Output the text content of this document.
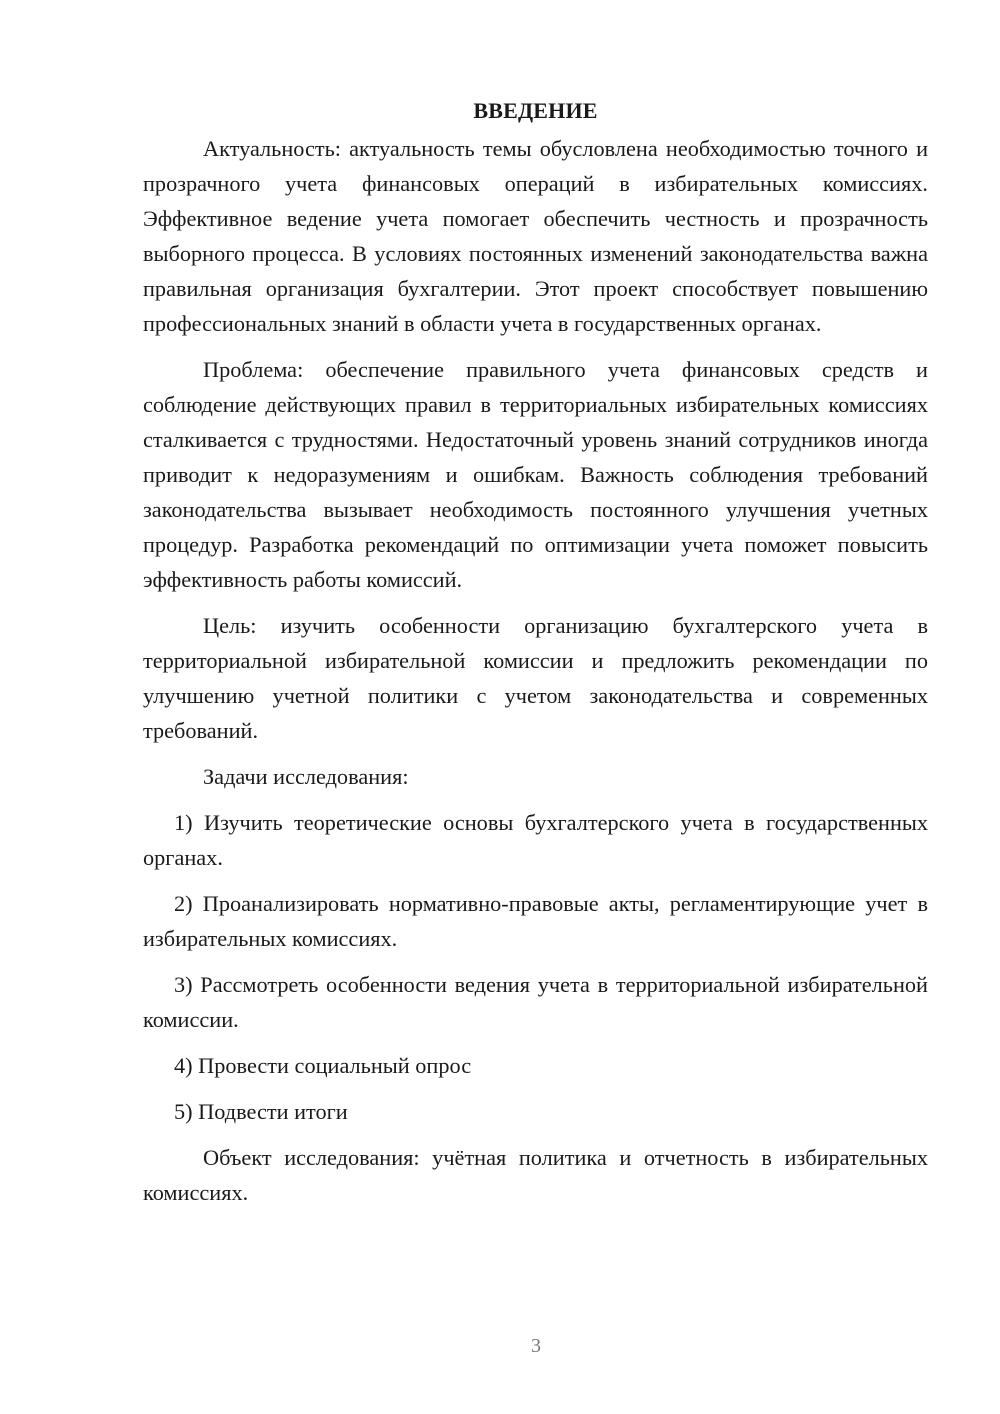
ВВЕДЕНИЕ

Актуальность: актуальность темы обусловлена необходимостью точного и прозрачного учета финансовых операций в избирательных комиссиях. Эффективное ведение учета помогает обеспечить честность и прозрачность выборного процесса. В условиях постоянных изменений законодательства важна правильная организация бухгалтерии. Этот проект способствует повышению профессиональных знаний в области учета в государственных органах.

Проблема: обеспечение правильного учета финансовых средств и соблюдение действующих правил в территориальных избирательных комиссиях сталкивается с трудностями. Недостаточный уровень знаний сотрудников иногда приводит к недоразумениям и ошибкам. Важность соблюдения требований законодательства вызывает необходимость постоянного улучшения учетных процедур. Разработка рекомендаций по оптимизации учета поможет повысить эффективность работы комиссий.

Цель: изучить особенности организацию бухгалтерского учета в территориальной избирательной комиссии и предложить рекомендации по улучшению учетной политики с учетом законодательства и современных требований.

Задачи исследования:

1) Изучить теоретические основы бухгалтерского учета в государственных органах.

2) Проанализировать нормативно-правовые акты, регламентирующие учет в избирательных комиссиях.

3) Рассмотреть особенности ведения учета в территориальной избирательной комиссии.

4) Провести социальный опрос

5) Подвести итоги

Объект исследования: учётная политика и отчетность в избирательных комиссиях.

3
